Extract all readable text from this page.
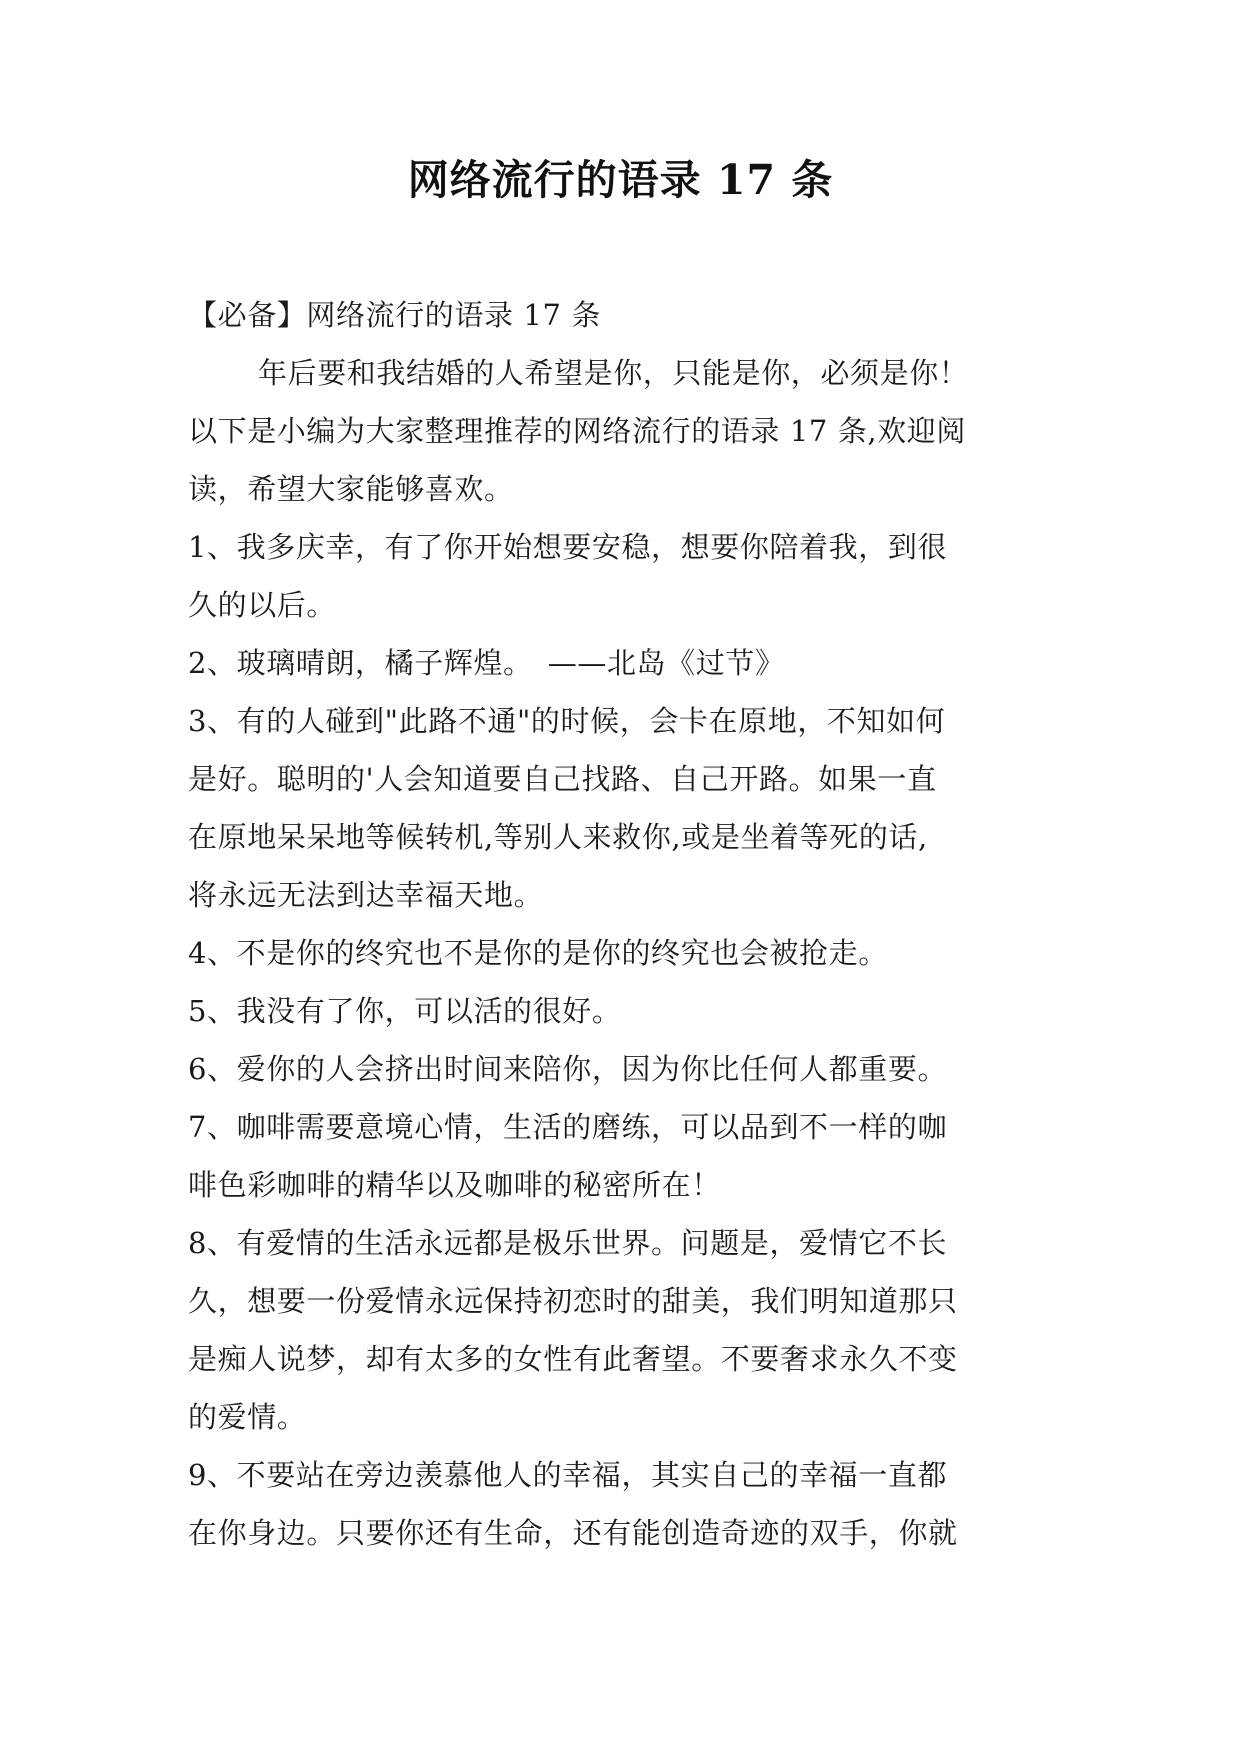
网络流行的语录 17 条
【必备】网络流行的语录 17 条
年后要和我结婚的人希望是你，只能是你，必须是你！
以下是小编为大家整理推荐的网络流行的语录 17 条,欢迎阅
读，希望大家能够喜欢。
1、我多庆幸，有了你开始想要安稳，想要你陪着我，到很
久的以后。
2、玻璃晴朗，橘子辉煌。　——北岛《过节》
3、有的人碰到"此路不通"的时候，会卡在原地，不知如何
是好。聪明的'人会知道要自己找路、自己开路。如果一直
在原地呆呆地等候转机,等别人来救你,或是坐着等死的话,
将永远无法到达幸福天地。
4、不是你的终究也不是你的是你的终究也会被抢走。
5、我没有了你，可以活的很好。
6、爱你的人会挤出时间来陪你，因为你比任何人都重要。
7、咖啡需要意境心情，生活的磨练，可以品到不一样的咖
啡色彩咖啡的精华以及咖啡的秘密所在！
8、有爱情的生活永远都是极乐世界。问题是，爱情它不长
久，想要一份爱情永远保持初恋时的甜美，我们明知道那只
是痴人说梦，却有太多的女性有此奢望。不要奢求永久不变
的爱情。
9、不要站在旁边羡慕他人的幸福，其实自己的幸福一直都
在你身边。只要你还有生命，还有能创造奇迹的双手，你就
